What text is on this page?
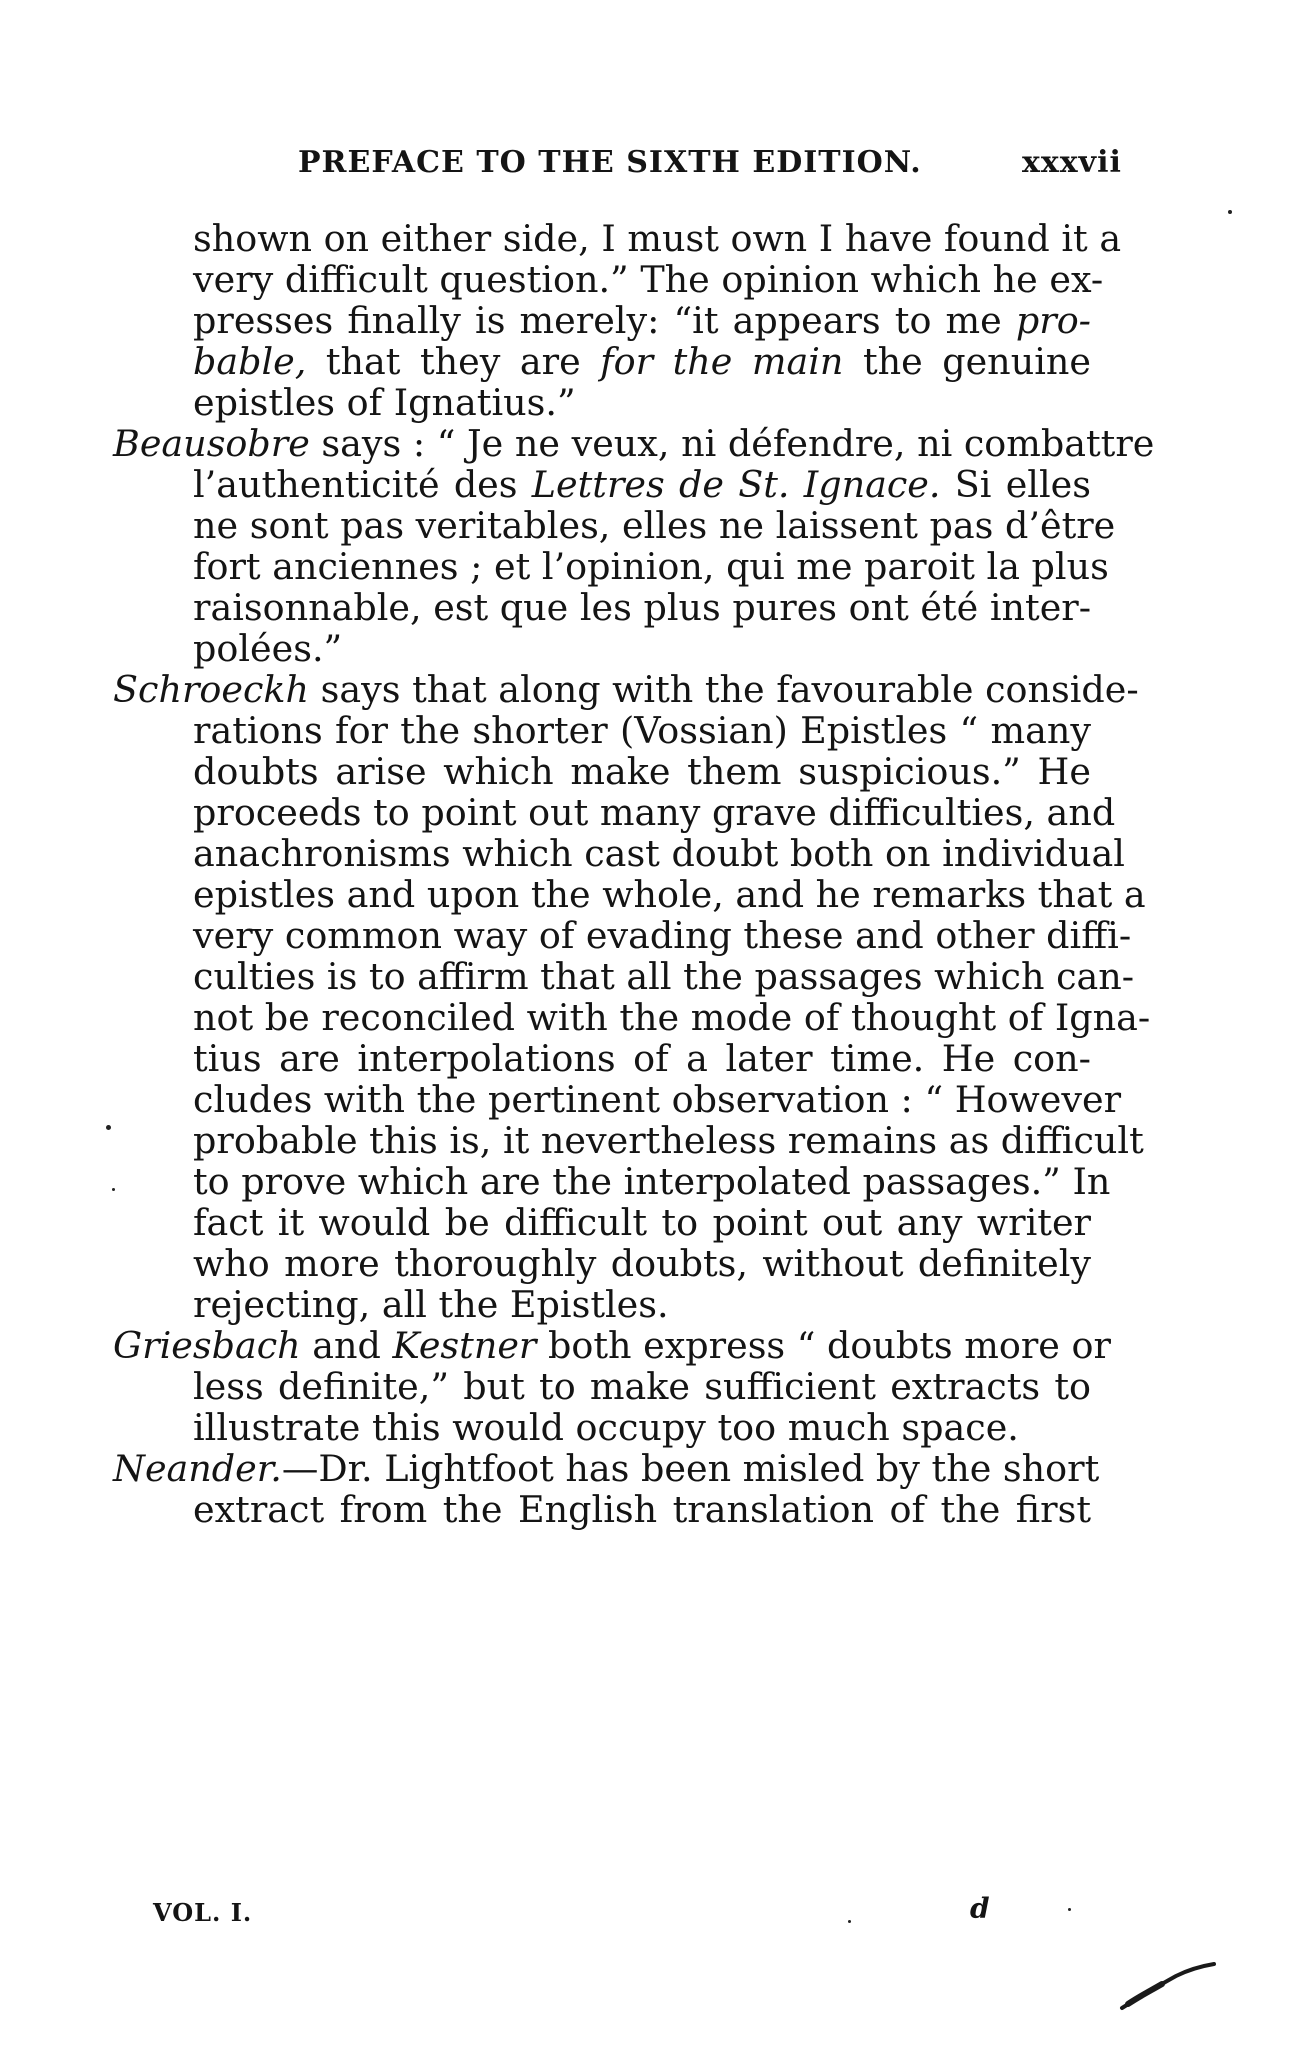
PREFACE TO THE SIXTH EDITION.	xxxvii
shown on either side, I must own I have found it a
very difficult question.” The opinion which he ex-
presses finally is merely: “it appears to me pro-
bable, that they are for the main the genuine
epistles of Ignatius.”
Beausobre says : “ Je ne veux, ni défendre, ni combattre
l’authenticité des Lettres de St. Ignace. Si elles
ne sont pas veritables, elles ne laissent pas d’être
fort anciennes ; et l’opinion, qui me paroit la plus
raisonnable, est que les plus pures ont été inter-
polées.”
Schroeckh says that along with the favourable conside-
rations for the shorter (Vossian) Epistles “ many
doubts arise which make them suspicious.” He
proceeds to point out many grave difficulties, and
anachronisms which cast doubt both on individual
epistles and upon the whole, and he remarks that a
very common way of evading these and other diffi-
culties is to affirm that all the passages which can-
not be reconciled with the mode of thought of Igna-
tius are interpolations of a later time. He con-
cludes with the pertinent observation : “ However
probable this is, it nevertheless remains as difficult
to prove which are the interpolated passages.” In
fact it would be difficult to point out any writer
who more thoroughly doubts, without definitely
rejecting, all the Epistles.
Griesbach and Kestner both express “ doubts more or
less definite,” but to make sufficient extracts to
illustrate this would occupy too much space.
Neander.—Dr. Lightfoot has been misled by the short
extract from the English translation of the first
VOL. I.	d
